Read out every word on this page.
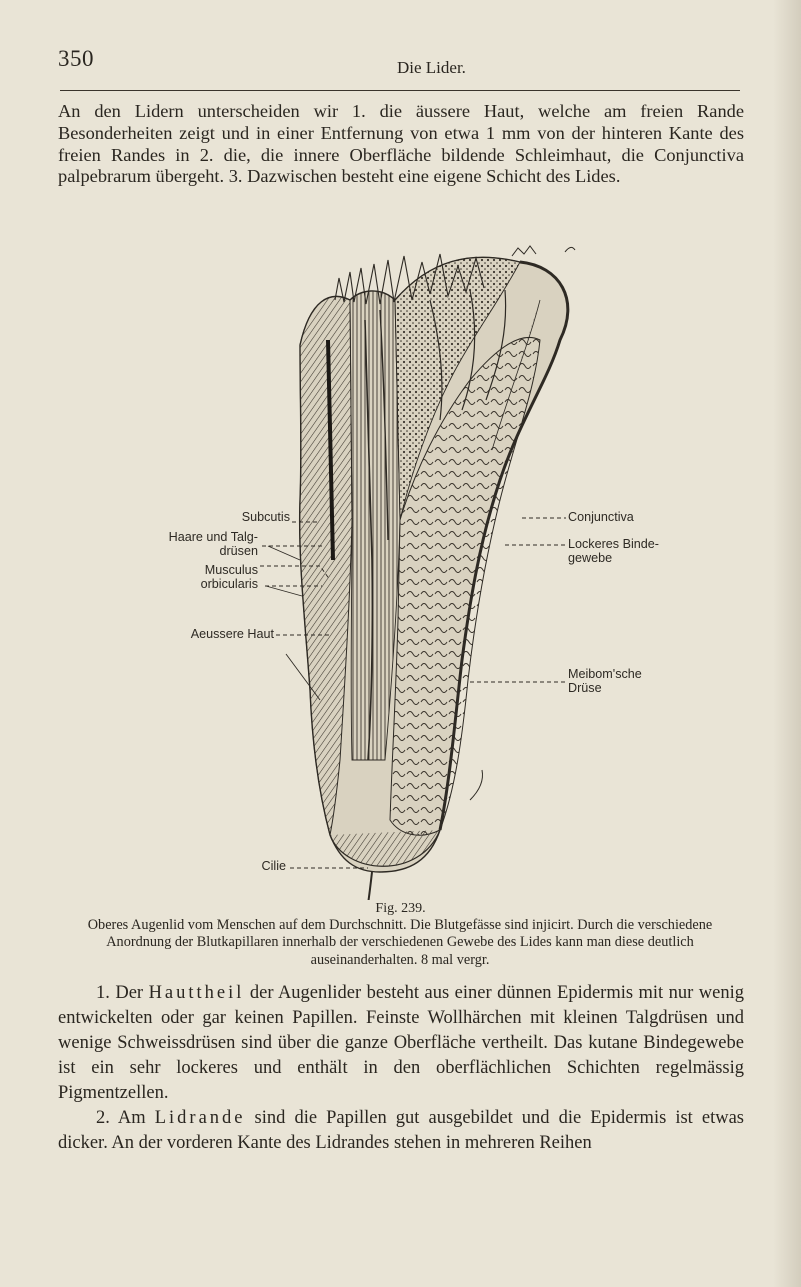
350	Die Lider.

An den Lidern unterscheiden wir 1. die äussere Haut, welche am freien Rande Besonderheiten zeigt und in einer Entfernung von etwa 1 mm von der hinteren Kante des freien Randes in 2. die, die innere Oberfläche bildende Schleimhaut, die Conjunctiva palpebrarum übergeht. 3. Dazwischen besteht eine eigene Schicht des Lides.

Subcutis
Haare und Talg-
drüsen
Musculus
orbicularis
Aeussere Haut
Cilie
Conjunctiva
Lockeres Binde-
gewebe
Meibom'sche
Drüse
Fig. 239.

Oberes Augenlid vom Menschen auf dem Durchschnitt. Die Blutgefässe sind injicirt. Durch die verschiedene Anordnung der Blutkapillaren innerhalb der verschiedenen Gewebe des Lides kann man diese deutlich auseinanderhalten. 8 mal vergr.

1. Der Hauttheil der Augenlider besteht aus einer dünnen Epidermis mit nur wenig entwickelten oder gar keinen Papillen. Feinste Wollhärchen mit kleinen Talgdrüsen und wenige Schweissdrüsen sind über die ganze Oberfläche vertheilt. Das kutane Bindegewebe ist ein sehr lockeres und enthält in den oberflächlichen Schichten regelmässig Pigmentzellen.

2. Am Lidrande sind die Papillen gut ausgebildet und die Epidermis ist etwas dicker. An der vorderen Kante des Lidrandes stehen in mehreren Reihen
